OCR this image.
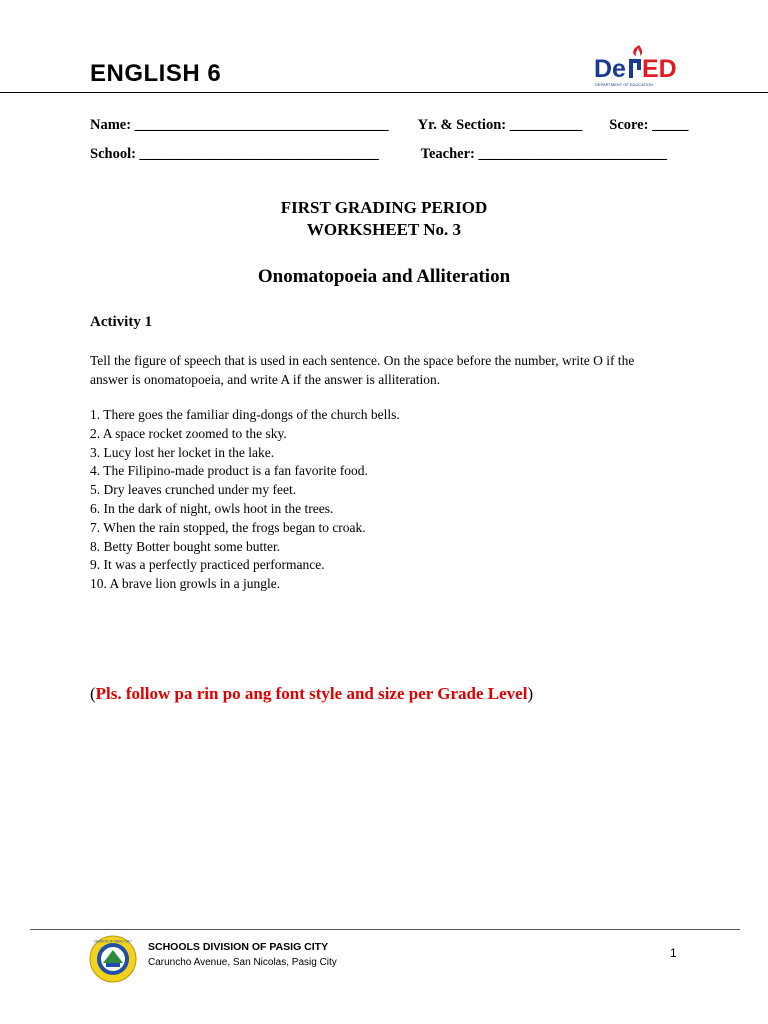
ENGLISH 6	De ED
DEPARTMENT OF EDUCATION
Name: ___________________________________ Yr. & Section: __________ Score: _____
School: _________________________________	Teacher: __________________________
FIRST GRADING PERIOD
WORKSHEET No. 3
Onomatopoeia and Alliteration
Activity 1
Tell the figure of speech that is used in each sentence. On the space before the number, write O if the answer is onomatopoeia, and write A if the answer is alliteration.
1. There goes the familiar ding-dongs of the church bells.
2. A space rocket zoomed to the sky.
3. Lucy lost her locket in the lake.
4. The Filipino-made product is a fan favorite food.
5. Dry leaves crunched under my feet.
6. In the dark of night, owls hoot in the trees.
7. When the rain stopped, the frogs began to croak.
8. Betty Botter bought some butter.
9. It was a perfectly practiced performance.
10. A brave lion growls in a jungle.
(Pls. follow pa rin po ang font style and size per Grade Level)
DIVISION OF PASIG CITY SCHOOLS DIVISION OF PASIG CITY
Caruncho Avenue, San Nicolas, Pasig City
1
